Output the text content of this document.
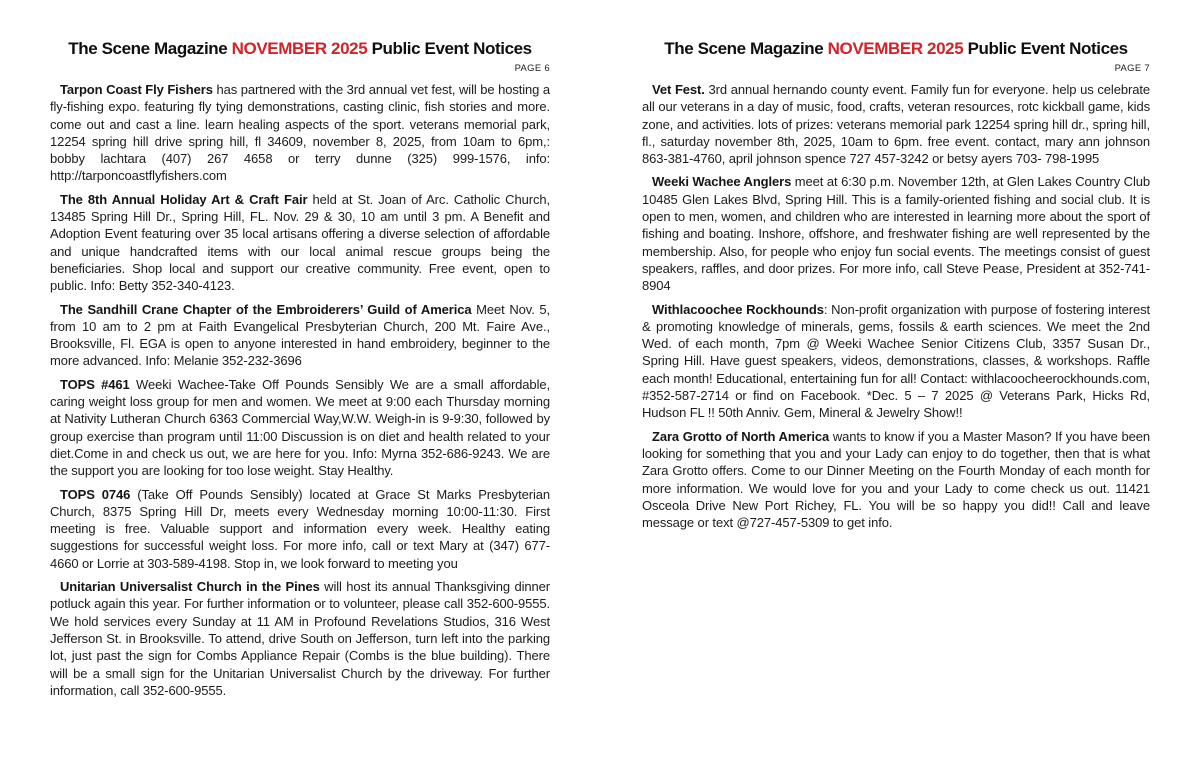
The Scene Magazine NOVEMBER 2025 Public Event Notices
PAGE 6

Tarpon Coast Fly Fishers has partnered with the 3rd annual vet fest, will be hosting a fly-fishing expo. featuring fly tying demonstrations, casting clinic, fish stories and more. come out and cast a line. learn healing aspects of the sport. veterans memorial park, 12254 spring hill drive spring hill, fl 34609, november 8, 2025, from 10am to 6pm,: bobby lachtara (407) 267 4658 or terry dunne (325) 999-1576, info: http://tarponcoastflyfishers.com

The 8th Annual Holiday Art & Craft Fair held at St. Joan of Arc. Catholic Church, 13485 Spring Hill Dr., Spring Hill, FL. Nov. 29 & 30, 10 am until 3 pm. A Benefit and Adoption Event featuring over 35 local artisans offering a diverse selection of affordable and unique handcrafted items with our local animal rescue groups being the beneficiaries. Shop local and support our creative community. Free event, open to public. Info: Betty 352-340-4123.

The Sandhill Crane Chapter of the Embroiderers’ Guild of America Meet Nov. 5, from 10 am to 2 pm at Faith Evangelical Presbyterian Church, 200 Mt. Faire Ave., Brooksville, Fl. EGA is open to anyone interested in hand embroidery, beginner to the more advanced. Info: Melanie 352-232-3696

TOPS #461 Weeki Wachee-Take Off Pounds Sensibly We are a small affordable, caring weight loss group for men and women. We meet at 9:00 each Thursday morning at Nativity Lutheran Church 6363 Commercial Way,W.W. Weigh-in is 9-9:30, followed by group exercise than program until 11:00 Discussion is on diet and health related to your diet.Come in and check us out, we are here for you. Info: Myrna 352-686-9243. We are the support you are looking for too lose weight. Stay Healthy.

TOPS 0746 (Take Off Pounds Sensibly) located at Grace St Marks Presbyterian Church, 8375 Spring Hill Dr, meets every Wednesday morning 10:00-11:30. First meeting is free. Valuable support and information every week. Healthy eating suggestions for successful weight loss. For more info, call or text Mary at (347) 677-4660 or Lorrie at 303-589-4198. Stop in, we look forward to meeting you

Unitarian Universalist Church in the Pines will host its annual Thanksgiving dinner potluck again this year. For further information or to volunteer, please call 352-600-9555. We hold services every Sunday at 11 AM in Profound Revelations Studios, 316 West Jefferson St. in Brooksville. To attend, drive South on Jefferson, turn left into the parking lot, just past the sign for Combs Appliance Repair (Combs is the blue building). There will be a small sign for the Unitarian Universalist Church by the driveway. For further information, call 352-600-9555.

The Scene Magazine NOVEMBER 2025 Public Event Notices
PAGE 7

Vet Fest. 3rd annual hernando county event. Family fun for everyone. help us celebrate all our veterans in a day of music, food, crafts, veteran resources, rotc kickball game, kids zone, and activities. lots of prizes: veterans memorial park 12254 spring hill dr., spring hill, fl., saturday november 8th, 2025, 10am to 6pm. free event. contact, mary ann johnson 863-381-4760, april johnson spence 727 457-3242 or betsy ayers 703- 798-1995

Weeki Wachee Anglers meet at 6:30 p.m. November 12th, at Glen Lakes Country Club 10485 Glen Lakes Blvd, Spring Hill. This is a family-oriented fishing and social club. It is open to men, women, and children who are interested in learning more about the sport of fishing and boating. Inshore, offshore, and freshwater fishing are well represented by the membership. Also, for people who enjoy fun social events. The meetings consist of guest speakers, raffles, and door prizes. For more info, call Steve Pease, President at 352-741-8904

Withlacoochee Rockhounds: Non-profit organization with purpose of fostering interest & promoting knowledge of minerals, gems, fossils & earth sciences. We meet the 2nd Wed. of each month, 7pm @ Weeki Wachee Senior Citizens Club, 3357 Susan Dr., Spring Hill. Have guest speakers, videos, demonstrations, classes, & workshops. Raffle each month! Educational, entertaining fun for all! Contact: withlacoocheerockhounds.com, #352-587-2714 or find on Facebook. *Dec. 5 – 7 2025 @ Veterans Park, Hicks Rd, Hudson FL !! 50th Anniv. Gem, Mineral & Jewelry Show!!

Zara Grotto of North America wants to know if you a Master Mason? If you have been looking for something that you and your Lady can enjoy to do together, then that is what Zara Grotto offers. Come to our Dinner Meeting on the Fourth Monday of each month for more information. We would love for you and your Lady to come check us out. 11421 Osceola Drive New Port Richey, FL. You will be so happy you did!! Call and leave message or text @727-457-5309 to get info.
